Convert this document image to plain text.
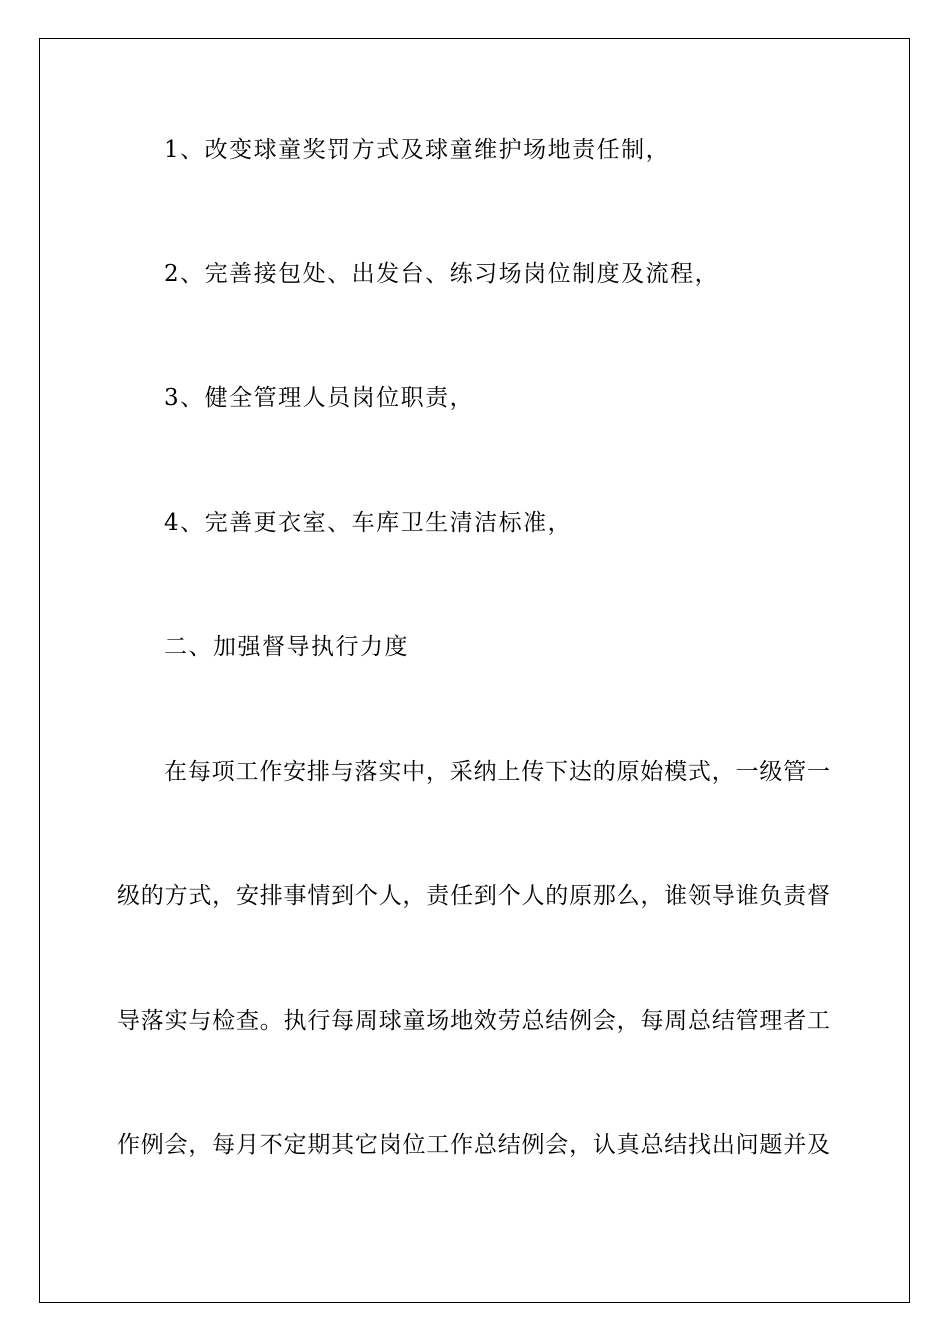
1、改变球童奖罚方式及球童维护场地责任制，
2、完善接包处、出发台、练习场岗位制度及流程，
3、健全管理人员岗位职责，
4、完善更衣室、车库卫生清洁标准，
二、加强督导执行力度
在每项工作安排与落实中，采纳上传下达的原始模式，一级管一
级的方式，安排事情到个人，责任到个人的原那么，谁领导谁负责督
导落实与检查。执行每周球童场地效劳总结例会，每周总结管理者工
作例会，每月不定期其它岗位工作总结例会，认真总结找出问题并及
